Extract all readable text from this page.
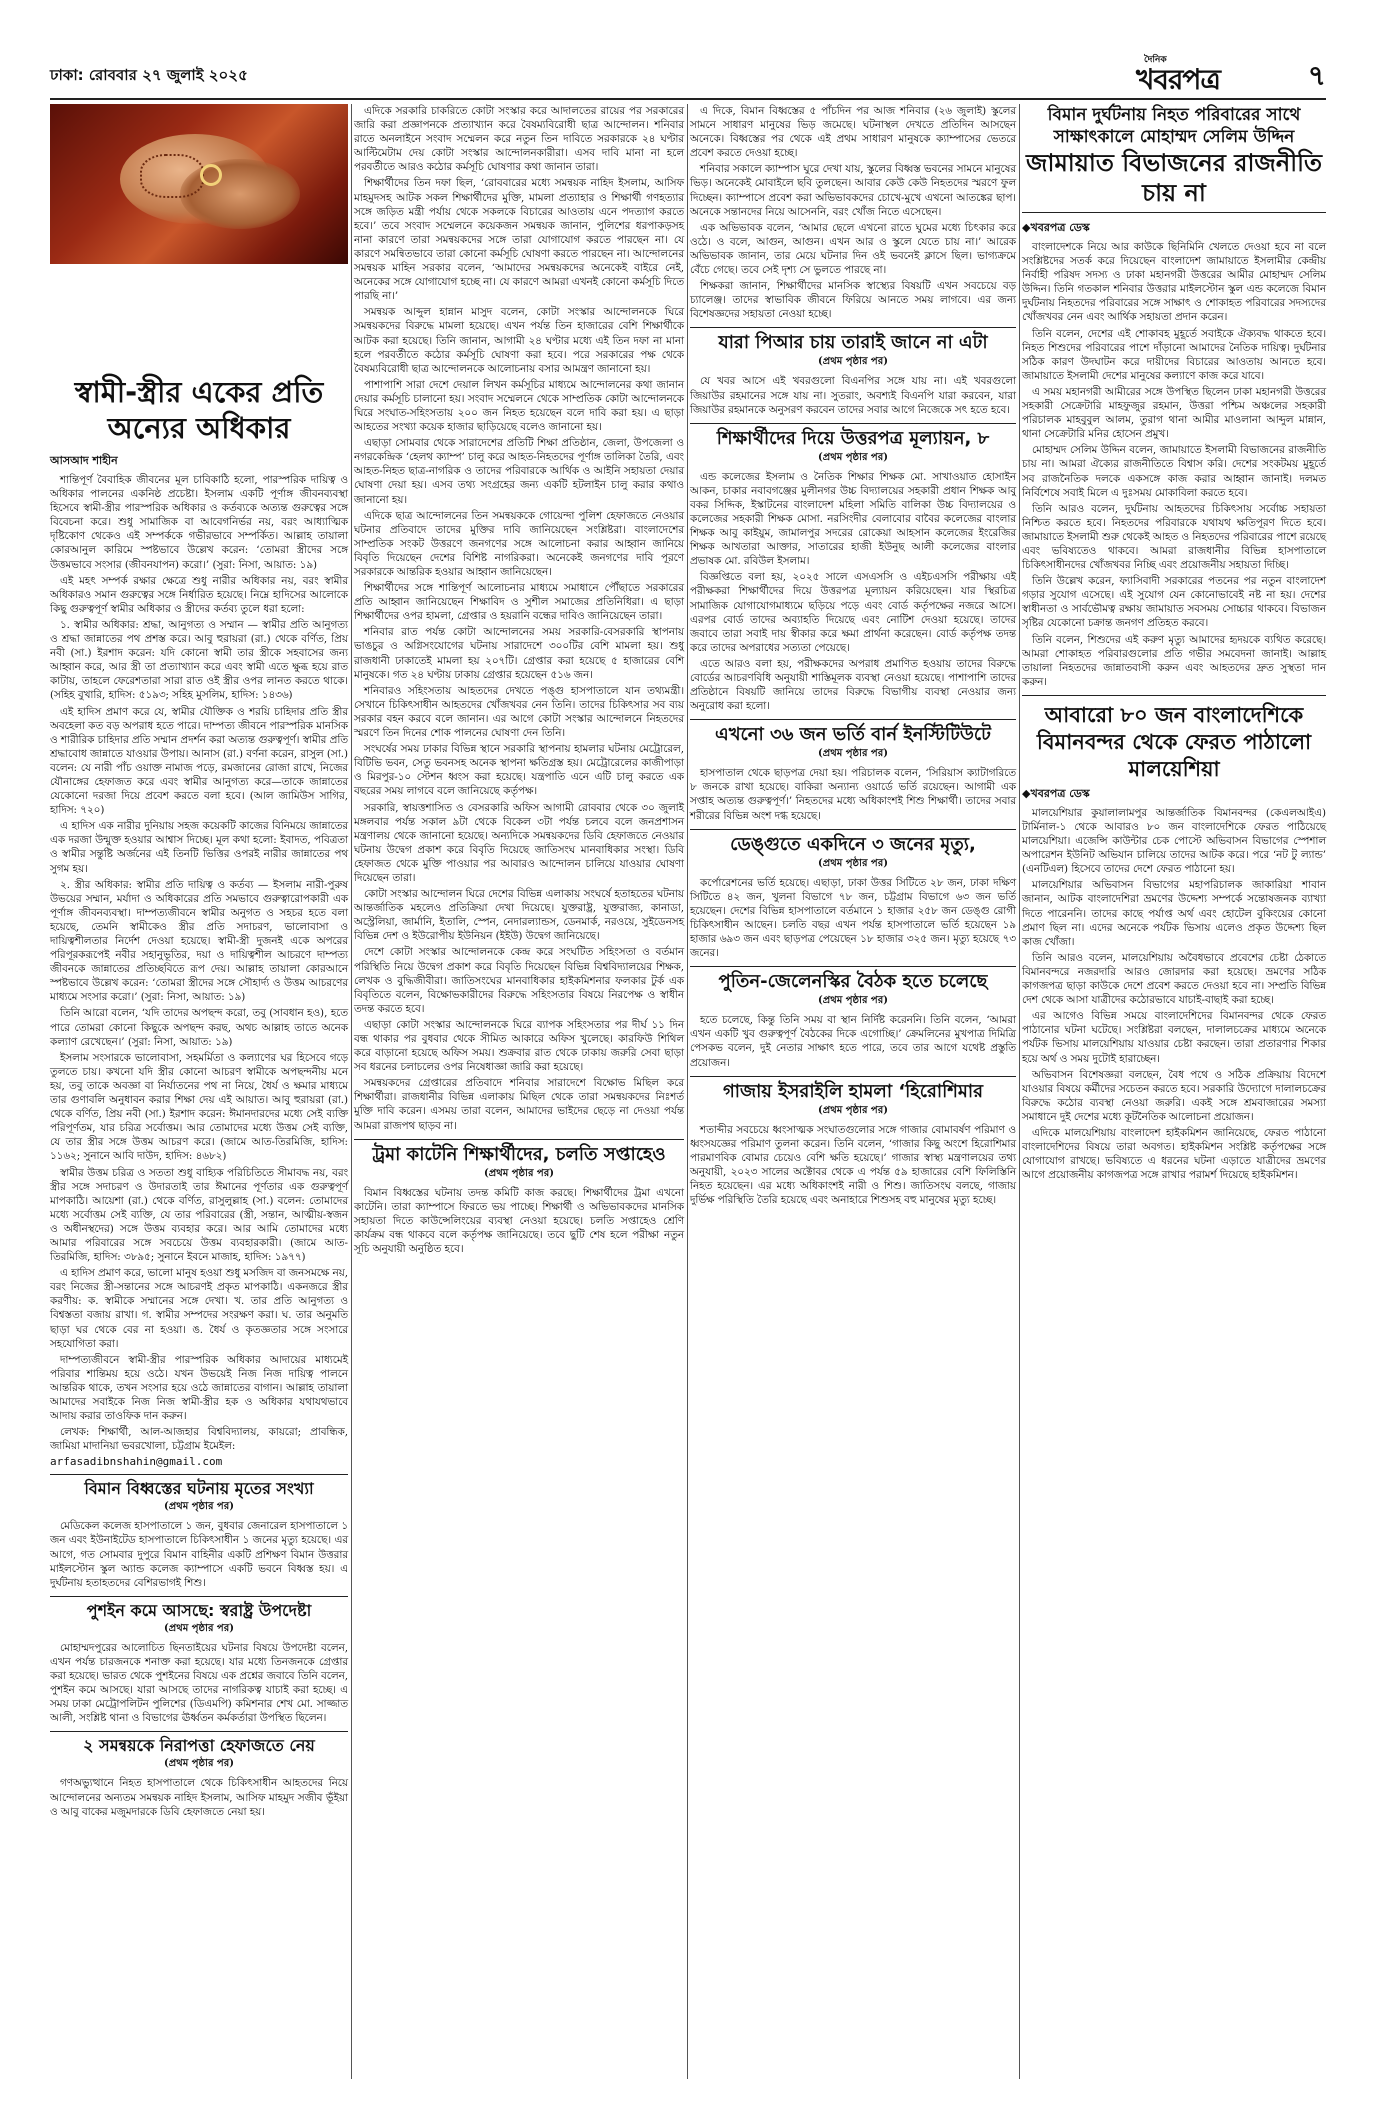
ঢাকা: রোববার ২৭ জুলাই ২০২৫
দৈনিক
খবরপত্র	৭
স্বামী-স্ত্রীর একের প্রতি অন্যের অধিকার
আসআদ শাহীন

শান্তিপূর্ণ বৈবাহিক জীবনের মূল চাবিকাঠি হলো, পারস্পরিক দায়িত্ব ও অধিকার পালনের একনিষ্ঠ প্রচেষ্টা। ইসলাম একটি পূর্ণাঙ্গ জীবনব্যবস্থা হিসেবে স্বামী-স্ত্রীর পারস্পরিক অধিকার ও কর্তব্যকে অত্যন্ত গুরুত্বের সঙ্গে বিবেচনা করে। শুধু সামাজিক বা আবেগনির্ভর নয়, বরং আধ্যাত্মিক দৃষ্টিকোণ থেকেও এই সম্পর্ককে গভীরভাবে সম্পর্কিত। আল্লাহ তায়ালা কোরআনুল কারিমে স্পষ্টভাবে উল্লেখ করেন: ‘তোমরা স্ত্রীদের সঙ্গে উত্তমভাবে সংসার (জীবনযাপন) করো।’ (সুরা: নিসা, আয়াত: ১৯)

এই মহৎ সম্পর্ক রক্ষার ক্ষেত্রে শুধু নারীর অধিকার নয়, বরং স্বামীর অধিকারও সমান গুরুত্বের সঙ্গে নির্ধারিত হয়েছে। নিম্নে হাদিসের আলোকে কিছু গুরুত্বপূর্ণ স্বামীর অধিকার ও স্ত্রীদের কর্তব্য তুলে ধরা হলো:

১. স্বামীর অধিকার: শ্রদ্ধা, আনুগত্য ও সম্মান — স্বামীর প্রতি আনুগত্য ও শ্রদ্ধা জান্নাতের পথ প্রশস্ত করে। আবু হুরায়রা (রা.) থেকে বর্ণিত, প্রিয় নবী (সা.) ইরশাদ করেন: যদি কোনো স্বামী তার স্ত্রীকে সহবাসের জন্য আহ্বান করে, আর স্ত্রী তা প্রত্যাখ্যান করে এবং স্বামী এতে ক্ষুব্ধ হয়ে রাত কাটায়, তাহলে ফেরেশতারা সারা রাত ওই স্ত্রীর ওপর লানত করতে থাকে। (সহিহ বুখারি, হাদিস: ৫১৯৩; সহিহ মুসলিম, হাদিস: ১৪৩৬)

এই হাদিস প্রমাণ করে যে, স্বামীর যৌক্তিক ও শরয়ি চাহিদার প্রতি স্ত্রীর অবহেলা কত বড় অপরাধ হতে পারে। দাম্পত্য জীবনে পারস্পরিক মানসিক ও শারীরিক চাহিদার প্রতি সম্মান প্রদর্শন করা অত্যন্ত গুরুত্বপূর্ণ। স্বামীর প্রতি শ্রদ্ধাবোধ জান্নাতে যাওয়ার উপায়। আনাস (রা.) বর্ণনা করেন, রাসুল (সা.) বলেন: যে নারী পাঁচ ওয়াক্ত নামাজ পড়ে, রমজানের রোজা রাখে, নিজের যৌনাঙ্গের হেফাজত করে এবং স্বামীর আনুগত্য করে—তাকে জান্নাতের যেকোনো দরজা দিয়ে প্রবেশ করতে বলা হবে। (আল জামিউস সাগির, হাদিস: ৭২০)

এ হাদিস এক নারীর দুনিয়ায় সহজ কয়েকটি কাজের বিনিময়ে জান্নাতের এক দরজা উন্মুক্ত হওয়ার আশ্বাস দিচ্ছে। মূল কথা হলো: ইবাদত, পবিত্রতা ও স্বামীর সন্তুষ্টি অর্জনের এই তিনটি ভিত্তির ওপরই নারীর জান্নাতের পথ সুগম হয়।

২. স্ত্রীর অধিকার: স্বামীর প্রতি দায়িত্ব ও কর্তব্য — ইসলাম নারী-পুরুষ উভয়ের সম্মান, মর্যাদা ও অধিকারের প্রতি সমভাবে গুরুত্বারোপকারী এক পূর্ণাঙ্গ জীবনব্যবস্থা। দাম্পত্যজীবনে স্বামীর অনুগত ও সহচর হতে বলা হয়েছে, তেমনি স্বামীকেও স্ত্রীর প্রতি সদাচরণ, ভালোবাসা ও দায়িত্বশীলতার নির্দেশ দেওয়া হয়েছে। স্বামী-স্ত্রী দুজনই একে অপরের পরিপূরকরূপেই নবীর সহানুভূতির, দয়া ও দায়িত্বশীল আচরণে দাম্পত্য জীবনকে জান্নাতের প্রতিচ্ছবিতে রূপ দেয়। আল্লাহ তায়ালা কোরআনে স্পষ্টভাবে উল্লেখ করেন: ‘তোমরা স্ত্রীদের সঙ্গে সৌহার্দ্য ও উত্তম আচরণের মাধ্যমে সংসার করো।’ (সুরা: নিসা, আয়াত: ১৯)

তিনি আরো বলেন, ‘যদি তাদের অপছন্দ করো, তবু (সাবধান হও), হতে পারে তোমরা কোনো কিছুকে অপছন্দ করছ, অথচ আল্লাহ তাতে অনেক কল্যাণ রেখেছেন।’ (সুরা: নিসা, আয়াত: ১৯)

ইসলাম সংসারকে ভালোবাসা, সহমর্মিতা ও কল্যাণের ঘর হিসেবে গড়ে তুলতে চায়। কখনো যদি স্ত্রীর কোনো আচরণ স্বামীকে অপছন্দনীয় মনে হয়, তবু তাকে অবজ্ঞা বা নির্যাতনের পথ না নিয়ে, ধৈর্য ও ক্ষমার মাধ্যমে তার গুণাবলি অনুধাবন করার শিক্ষা দেয় এই আয়াত। আবু হুরায়রা (রা.) থেকে বর্ণিত, প্রিয় নবী (সা.) ইরশাদ করেন: ঈমানদারদের মধ্যে সেই ব্যক্তি পরিপূর্ণতম, যার চরিত্র সর্বোত্তম। আর তোমাদের মধ্যে উত্তম সেই ব্যক্তি, যে তার স্ত্রীর সঙ্গে উত্তম আচরণ করে। (জামে আত-তিরমিজি, হাদিস: ১১৬২; সুনানে আবি দাউদ, হাদিস: ৪৬৮২)

স্বামীর উত্তম চরিত্র ও সততা শুধু বাহ্যিক পরিচিতিতে সীমাবদ্ধ নয়, বরং স্ত্রীর সঙ্গে সদাচরণ ও উদারতাই তার ঈমানের পূর্ণতার এক গুরুত্বপূর্ণ মাপকাঠি। আয়েশা (রা.) থেকে বর্ণিত, রাসুলুল্লাহ (সা.) বলেন: তোমাদের মধ্যে সর্বোত্তম সেই ব্যক্তি, যে তার পরিবারের (স্ত্রী, সন্তান, আত্মীয়-স্বজন ও অধীনস্থদের) সঙ্গে উত্তম ব্যবহার করে। আর আমি তোমাদের মধ্যে আমার পরিবারের সঙ্গে সবচেয়ে উত্তম ব্যবহারকারী। (জামে আত-তিরমিজি, হাদিস: ৩৮৯৫; সুনানে ইবনে মাজাহ, হাদিস: ১৯৭৭)

এ হাদিস প্রমাণ করে, ভালো মানুষ হওয়া শুধু মসজিদ বা জনসমক্ষে নয়, বরং নিজের স্ত্রী-সন্তানের সঙ্গে আচরণই প্রকৃত মাপকাঠি। একনজরে স্ত্রীর করণীয়: ক. স্বামীকে সম্মানের সঙ্গে দেখা। খ. তার প্রতি আনুগত্য ও বিশ্বস্ততা বজায় রাখা। গ. স্বামীর সম্পদের সংরক্ষণ করা। ঘ. তার অনুমতি ছাড়া ঘর থেকে বের না হওয়া। ঙ. ধৈর্য ও কৃতজ্ঞতার সঙ্গে সংসারে সহযোগিতা করা।

দাম্পত্যজীবনে স্বামী-স্ত্রীর পারস্পরিক অধিকার আদায়ের মাধ্যমেই পরিবার শান্তিময় হয়ে ওঠে। যখন উভয়েই নিজ নিজ দায়িত্ব পালনে আন্তরিক থাকে, তখন সংসার হয়ে ওঠে জান্নাতের বাগান। আল্লাহ তায়ালা আমাদের সবাইকে নিজ নিজ স্বামী-স্ত্রীর হক ও অধিকার যথাযথভাবে আদায় করার তাওফিক দান করুন।

লেখক: শিক্ষার্থী, আল-আজহার বিশ্ববিদ্যালয়, কায়রো; প্রাবন্ধিক, জামিয়া মাদানিয়া ভবরখোলা, চট্টগ্রাম ইমেইল:

arfasadibnshahin@gmail.com
বিমান বিধ্বস্তের ঘটনায় মৃতের সংখ্যা
(প্রথম পৃষ্ঠার পর)

মেডিকেল কলেজ হাসপাতালে ১ জন, বুধবার জেনারেল হাসপাতালে ১ জন এবং ইউনাইটেড হাসপাতালে চিকিৎসাধীন ১ জনের মৃত্যু হয়েছে। এর আগে, গত সোমবার দুপুরে বিমান বাহিনীর একটি প্রশিক্ষণ বিমান উত্তরার মাইলস্টোন স্কুল অ্যান্ড কলেজ ক্যাম্পাসে একটি ভবনে বিধ্বস্ত হয়। এ দুর্ঘটনায় হতাহতদের বেশিরভাগই শিশু।

পুশইন কমে আসছে: স্বরাষ্ট্র উপদেষ্টা
(প্রথম পৃষ্ঠার পর)

মোহাম্মদপুরের আলোচিত ছিনতাইয়ের ঘটনার বিষয়ে উপদেষ্টা বলেন, এখন পর্যন্ত চারজনকে শনাক্ত করা হয়েছে। যার মধ্যে তিনজনকে গ্রেপ্তার করা হয়েছে। ভারত থেকে পুশইনের বিষয়ে এক প্রশ্নের জবাবে তিনি বলেন, পুশইন কমে আসছে। যারা আসছে তাদের নাগরিকত্ব যাচাই করা হচ্ছে। এ সময় ঢাকা মেট্রোপলিটন পুলিশের (ডিএমপি) কমিশনার শেখ মো. সাজ্জাত আলী, সংশ্লিষ্ট থানা ও বিভাগের ঊর্ধ্বতন কর্মকর্তারা উপস্থিত ছিলেন।

২ সমন্বয়কে নিরাপত্তা হেফাজতে নেয়
(প্রথম পৃষ্ঠার পর)

গণঅভ্যুত্থানে নিহত হাসপাতালে থেকে চিকিৎসাধীন আহতদের নিয়ে আন্দোলনের অন্যতম সমন্বয়ক নাহিদ ইসলাম, আসিফ মাহমুদ সজীব ভূঁইয়া ও আবু বাকের মজুমদারকে ডিবি হেফাজতে নেয়া হয়।

এদিকে সরকারি চাকরিতে কোটা সংস্কার করে আদালতের রায়ের পর সরকারের জারি করা প্রজ্ঞাপনকে প্রত্যাখ্যান করে বৈষম্যবিরোধী ছাত্র আন্দোলন। শনিবার রাতে অনলাইনে সংবাদ সম্মেলন করে নতুন তিন দাবিতে সরকারকে ২৪ ঘণ্টার আল্টিমেটাম দেয় কোটা সংস্কার আন্দোলনকারীরা। এসব দাবি মানা না হলে পরবর্তীতে আরও কঠোর কর্মসূচি ঘোষণার কথা জানান তারা।

শিক্ষার্থীদের তিন দফা ছিল, ‘রোববারের মধ্যে সমন্বয়ক নাহিদ ইসলাম, আসিফ মাহমুদসহ আটক সকল শিক্ষার্থীদের মুক্তি, মামলা প্রত্যাহার ও শিক্ষার্থী গণহত্যার সঙ্গে জড়িত মন্ত্রী পর্যায় থেকে সকলকে বিচারের আওতায় এনে পদত্যাগ করতে হবে।’ তবে সংবাদ সম্মেলনে কয়েকজন সমন্বয়ক জানান, পুলিশের ধরপাকড়সহ নানা কারণে তারা সমন্বয়কদের সঙ্গে তারা যোগাযোগ করতে পারছেন না। যে কারণে সমন্বিতভাবে তারা কোনো কর্মসূচি ঘোষণা করতে পারছেন না। আন্দোলনের সমন্বয়ক মাহিন সরকার বলেন, ‘আমাদের সমন্বয়কদের অনেকেই বাইরে নেই, অনেকের সঙ্গে যোগাযোগ হচ্ছে না। যে কারণে আমরা এখনই কোনো কর্মসূচি দিতে পারছি না।’

সমন্বয়ক আব্দুল হান্নান মাসুদ বলেন, কোটা সংস্কার আন্দোলনকে ঘিরে সমন্বয়কদের বিরুদ্ধে মামলা হয়েছে। এখন পর্যন্ত তিন হাজারের বেশি শিক্ষার্থীকে আটক করা হয়েছে। তিনি জানান, আগামী ২৪ ঘণ্টার মধ্যে এই তিন দফা না মানা হলে পরবর্তীতে কঠোর কর্মসূচি ঘোষণা করা হবে। পরে সরকারের পক্ষ থেকে বৈষম্যবিরোধী ছাত্র আন্দোলনকে আলোচনায় বসার আমন্ত্রণ জানানো হয়।

পাশাপাশি সারা দেশে দেয়াল লিখন কর্মসূচির মাধ্যমে আন্দোলনের কথা জানান দেয়ার কর্মসূচি চালানো হয়। সংবাদ সম্মেলনে থেকে সাম্প্রতিক কোটা আন্দোলনকে ঘিরে সংঘাত-সহিংসতায় ২০০ জন নিহত হয়েছেন বলে দাবি করা হয়। এ ছাড়া আহতের সংখ্যা কয়েক হাজার ছাড়িয়েছে বলেও জানানো হয়।

এছাড়া সোমবার থেকে সারাদেশের প্রতিটি শিক্ষা প্রতিষ্ঠান, জেলা, উপজেলা ও নগরকেন্দ্রিক ‘হেলথ ক্যাম্প’ চালু করে আহত-নিহতদের পূর্ণাঙ্গ তালিকা তৈরি, এবং আহত-নিহত ছাত্র-নাগরিক ও তাদের পরিবারকে আর্থিক ও আইনি সহায়তা দেয়ার ঘোষণা দেয়া হয়। এসব তথ্য সংগ্রহের জন্য একটি হটলাইন চালু করার কথাও জানানো হয়।

এদিকে ছাত্র আন্দোলনের তিন সমন্বয়ককে গোয়েন্দা পুলিশ হেফাজতে নেওয়ার ঘটনার প্রতিবাদে তাদের মুক্তির দাবি জানিয়েছেন সংশ্লিষ্টরা। বাংলাদেশের সাম্প্রতিক সংকট উত্তরণে জনগণের সঙ্গে আলোচনা করার আহ্বান জানিয়ে বিবৃতি দিয়েছেন দেশের বিশিষ্ট নাগরিকরা। অনেকেই জনগণের দাবি পূরণে সরকারকে আন্তরিক হওয়ার আহ্বান জানিয়েছেন।

শিক্ষার্থীদের সঙ্গে শান্তিপূর্ণ আলোচনার মাধ্যমে সমাধানে পৌঁছাতে সরকারের প্রতি আহ্বান জানিয়েছেন শিক্ষাবিদ ও সুশীল সমাজের প্রতিনিধিরা। এ ছাড়া শিক্ষার্থীদের ওপর হামলা, গ্রেপ্তার ও হয়রানি বন্ধের দাবিও জানিয়েছেন তারা।

শনিবার রাত পর্যন্ত কোটা আন্দোলনের সময় সরকারি-বেসরকারি স্থাপনায় ভাঙচুর ও অগ্নিসংযোগের ঘটনায় সারাদেশে ৩০০টির বেশি মামলা হয়। শুধু রাজধানী ঢাকাতেই মামলা হয় ২০৭টি। গ্রেপ্তার করা হয়েছে ৫ হাজারের বেশি মানুষকে। গত ২৪ ঘণ্টায় ঢাকায় গ্রেপ্তার হয়েছেন ৫১৬ জন।

শনিবারও সহিংসতায় আহতদের দেখতে পঙ্গু হাসপাতালে যান তথ্যমন্ত্রী। সেখানে চিকিৎসাধীন আহতদের খোঁজখবর নেন তিনি। তাদের চিকিৎসার সব ব্যয় সরকার বহন করবে বলে জানান। এর আগে কোটা সংস্কার আন্দোলনে নিহতদের স্মরণে তিন দিনের শোক পালনের ঘোষণা দেন তিনি।

সংঘর্ষের সময় ঢাকার বিভিন্ন স্থানে সরকারি স্থাপনায় হামলার ঘটনায় মেট্রোরেল, বিটিভি ভবন, সেতু ভবনসহ অনেক স্থাপনা ক্ষতিগ্রস্ত হয়। মেট্রোরেলের কাজীপাড়া ও মিরপুর-১০ স্টেশন ধ্বংস করা হয়েছে। যন্ত্রপাতি এনে এটি চালু করতে এক বছরের সময় লাগবে বলে জানিয়েছে কর্তৃপক্ষ।

সরকারি, স্বায়ত্তশাসিত ও বেসরকারি অফিস আগামী রোববার থেকে ৩০ জুলাই মঙ্গলবার পর্যন্ত সকাল ৯টা থেকে বিকেল ৩টা পর্যন্ত চলবে বলে জনপ্রশাসন মন্ত্রণালয় থেকে জানানো হয়েছে। অন্যদিকে সমন্বয়কদের ডিবি হেফাজতে নেওয়ার ঘটনায় উদ্বেগ প্রকাশ করে বিবৃতি দিয়েছে জাতিসংঘ মানবাধিকার সংস্থা। ডিবি হেফাজত থেকে মুক্তি পাওয়ার পর আবারও আন্দোলন চালিয়ে যাওয়ার ঘোষণা দিয়েছেন তারা।

কোটা সংস্কার আন্দোলন ঘিরে দেশের বিভিন্ন এলাকায় সংঘর্ষে হতাহতের ঘটনায় আন্তর্জাতিক মহলেও প্রতিক্রিয়া দেখা দিয়েছে। যুক্তরাষ্ট্র, যুক্তরাজ্য, কানাডা, অস্ট্রেলিয়া, জার্মানি, ইতালি, স্পেন, নেদারল্যান্ডস, ডেনমার্ক, নরওয়ে, সুইডেনসহ বিভিন্ন দেশ ও ইউরোপীয় ইউনিয়ন (ইইউ) উদ্বেগ জানিয়েছে।

দেশে কোটা সংস্কার আন্দোলনকে কেন্দ্র করে সংঘটিত সহিংসতা ও বর্তমান পরিস্থিতি নিয়ে উদ্বেগ প্রকাশ করে বিবৃতি দিয়েছেন বিভিন্ন বিশ্ববিদ্যালয়ের শিক্ষক, লেখক ও বুদ্ধিজীবীরা। জাতিসংঘের মানবাধিকার হাইকমিশনার ফলকার টুর্ক এক বিবৃতিতে বলেন, বিক্ষোভকারীদের বিরুদ্ধে সহিংসতার বিষয়ে নিরপেক্ষ ও স্বাধীন তদন্ত করতে হবে।

এছাড়া কোটা সংস্কার আন্দোলনকে ঘিরে ব্যাপক সহিংসতার পর দীর্ঘ ১১ দিন বন্ধ থাকার পর বুধবার থেকে সীমিত আকারে অফিস খুলেছে। কারফিউ শিথিল করে বাড়ানো হয়েছে অফিস সময়। শুক্রবার রাত থেকে ঢাকায় জরুরি সেবা ছাড়া সব ধরনের চলাচলের ওপর নিষেধাজ্ঞা জারি করা হয়েছে।

সমন্বয়কদের গ্রেপ্তারের প্রতিবাদে শনিবার সারাদেশে বিক্ষোভ মিছিল করে শিক্ষার্থীরা। রাজধানীর বিভিন্ন এলাকায় মিছিল থেকে তারা সমন্বয়কদের নিঃশর্ত মুক্তি দাবি করেন। এসময় তারা বলেন, আমাদের ভাইদের ছেড়ে না দেওয়া পর্যন্ত আমরা রাজপথ ছাড়ব না।

ট্রমা কাটেনি শিক্ষার্থীদের, চলতি সপ্তাহেও
(প্রথম পৃষ্ঠার পর)

বিমান বিধ্বস্তের ঘটনায় তদন্ত কমিটি কাজ করছে। শিক্ষার্থীদের ট্রমা এখনো কাটেনি। তারা ক্যাম্পাসে ফিরতে ভয় পাচ্ছে। শিক্ষার্থী ও অভিভাবকদের মানসিক সহায়তা দিতে কাউন্সেলিংয়ের ব্যবস্থা নেওয়া হয়েছে। চলতি সপ্তাহেও শ্রেণি কার্যক্রম বন্ধ থাকবে বলে কর্তৃপক্ষ জানিয়েছে। তবে ছুটি শেষ হলে পরীক্ষা নতুন সূচি অনুযায়ী অনুষ্ঠিত হবে।

এ দিকে, বিমান বিধ্বস্তের ৫ পাঁচদিন পর আজ শনিবার (২৬ জুলাই) স্কুলের সামনে সাধারণ মানুষের ভিড় জমেছে। ঘটনাস্থল দেখতে প্রতিদিন আসছেন অনেকে। বিধ্বস্তের পর থেকে এই প্রথম সাধারণ মানুষকে ক্যাম্পাসের ভেতরে প্রবেশ করতে দেওয়া হচ্ছে।

শনিবার সকালে ক্যাম্পাস ঘুরে দেখা যায়, স্কুলের বিধ্বস্ত ভবনের সামনে মানুষের ভিড়। অনেকেই মোবাইলে ছবি তুলছেন। আবার কেউ কেউ নিহতদের স্মরণে ফুল দিচ্ছেন। ক্যাম্পাসে প্রবেশ করা অভিভাবকদের চোখে-মুখে এখনো আতঙ্কের ছাপ। অনেকে সন্তানদের নিয়ে আসেননি, বরং খোঁজ নিতে এসেছেন।

এক অভিভাবক বলেন, ‘আমার ছেলে এখনো রাতে ঘুমের মধ্যে চিৎকার করে ওঠে। ও বলে, আগুন, আগুন। এখন আর ও স্কুলে যেতে চায় না।’ আরেক অভিভাবক জানান, তার মেয়ে ঘটনার দিন ওই ভবনেই ক্লাসে ছিল। ভাগ্যক্রমে বেঁচে গেছে। তবে সেই দৃশ্য সে ভুলতে পারছে না।

শিক্ষকরা জানান, শিক্ষার্থীদের মানসিক স্বাস্থ্যের বিষয়টি এখন সবচেয়ে বড় চ্যালেঞ্জ। তাদের স্বাভাবিক জীবনে ফিরিয়ে আনতে সময় লাগবে। এর জন্য বিশেষজ্ঞদের সহায়তা নেওয়া হচ্ছে।

যারা পিআর চায় তারাই জানে না এটা
(প্রথম পৃষ্ঠার পর)

যে খবর আসে এই খবরগুলো বিএনপির সঙ্গে যায় না। এই খবরগুলো জিয়াউর রহমানের সঙ্গে যায় না। সুতরাং, অবশ্যই বিএনপি যারা করবেন, যারা জিয়াউর রহমানকে অনুসরণ করবেন তাদের সবার আগে নিজেকে সৎ হতে হবে।

শিক্ষার্থীদের দিয়ে উত্তরপত্র মূল্যায়ন, ৮
(প্রথম পৃষ্ঠার পর)

এন্ড কলেজের ইসলাম ও নৈতিক শিক্ষার শিক্ষক মো. সাখাওয়াত হোসাইন আকন, চাকার নবাবগঞ্জের মুলীনগর উচ্চ বিদ্যালয়ের সহকারী প্রধান শিক্ষক আবু বকর সিদ্দিক, ইস্কাটনের বাংলাদেশ মহিলা সমিতি বালিকা উচ্চ বিদ্যালয়ের ও কলেজের সহকারী শিক্ষক মোসা. নরসিংদীর বেলাবোর বাবৈর কলেজের বাংলার শিক্ষক আবু কাইয়ুম, জামালপুর সদরের রোকেয়া আহসান কলেজের ইংরেজির শিক্ষক আখতারা আক্তার, সাতারের হাজী ইউনুছ আলী কলেজের বাংলার প্রভাষক মো. রবিউল ইসলাম।

বিজ্ঞপ্তিতে বলা হয়, ২০২৫ সালে এসএসসি ও এইচএসসি পরীক্ষায় এই পরীক্ষকরা শিক্ষার্থীদের দিয়ে উত্তরপত্র মূল্যায়ন করিয়েছেন। যার স্থিরচিত্র সামাজিক যোগাযোগমাধ্যমে ছড়িয়ে পড়ে এবং বোর্ড কর্তৃপক্ষের নজরে আসে। এরপর বোর্ড তাদের অব্যাহতি দিয়েছে এবং নোটিশ দেওয়া হয়েছে। তাদের জবাবে তারা সবাই দায় স্বীকার করে ক্ষমা প্রার্থনা করেছেন। বোর্ড কর্তৃপক্ষ তদন্ত করে তাদের অপরাধের সত্যতা পেয়েছে।

এতে আরও বলা হয়, পরীক্ষকদের অপরাধ প্রমাণিত হওয়ায় তাদের বিরুদ্ধে বোর্ডের আচরণবিধি অনুযায়ী শাস্তিমূলক ব্যবস্থা নেওয়া হয়েছে। পাশাপাশি তাদের প্রতিষ্ঠানে বিষয়টি জানিয়ে তাদের বিরুদ্ধে বিভাগীয় ব্যবস্থা নেওয়ার জন্য অনুরোধ করা হলো।

এখনো ৩৬ জন ভর্তি বার্ন ইনস্টিটিউটে
(প্রথম পৃষ্ঠার পর)

হাসপাতাল থেকে ছাড়পত্র দেয়া হয়। পরিচালক বলেন, ‘সিরিয়াস ক্যাটাগরিতে ৮ জনকে রাখা হয়েছে। বাকিরা অন্যান্য ওয়ার্ডে ভর্তি রয়েছেন। আগামী এক সপ্তাহ অত্যন্ত গুরুত্বপূর্ণ।’ নিহতদের মধ্যে অধিকাংশই শিশু শিক্ষার্থী। তাদের সবার শরীরের বিভিন্ন অংশ দগ্ধ হয়েছে।

ডেঙ্গুতে একদিনে ৩ জনের মৃত্যু,
(প্রথম পৃষ্ঠার পর)

কর্পোরেশনের ভর্তি হয়েছে। এছাড়া, ঢাকা উত্তর সিটিতে ২৮ জন, ঢাকা দক্ষিণ সিটিতে ৪২ জন, খুলনা বিভাগে ৭৮ জন, চট্টগ্রাম বিভাগে ৬৩ জন ভর্তি হয়েছেন। দেশের বিভিন্ন হাসপাতালে বর্তমানে ১ হাজার ২৫৮ জন ডেঙ্গু রোগী চিকিৎসাধীন আছেন। চলতি বছর এখন পর্যন্ত হাসপাতালে ভর্তি হয়েছেন ১৯ হাজার ৬৯৩ জন এবং ছাড়পত্র পেয়েছেন ১৮ হাজার ৩২৫ জন। মৃত্যু হয়েছে ৭৩ জনের।

পুতিন-জেলেনস্কির বৈঠক হতে চলেছে
(প্রথম পৃষ্ঠার পর)

হতে চলেছে, কিন্তু তিনি সময় বা স্থান নির্দিষ্ট করেননি। তিনি বলেন, ‘আমরা এখন একটি খুব গুরুত্বপূর্ণ বৈঠকের দিকে এগোচ্ছি।’ ক্রেমলিনের মুখপাত্র দিমিত্রি পেসকভ বলেন, দুই নেতার সাক্ষাৎ হতে পারে, তবে তার আগে যথেষ্ট প্রস্তুতি প্রয়োজন।

গাজায় ইসরাইলি হামলা ‘হিরোশিমার
(প্রথম পৃষ্ঠার পর)

শতাব্দীর সবচেয়ে ধ্বংসাত্মক সংঘাতগুলোর সঙ্গে গাজার বোমাবর্ষণ পরিমাণ ও ধ্বংসযজ্ঞের পরিমাণ তুলনা করেন। তিনি বলেন, ‘গাজার কিছু অংশে হিরোশিমার পারমাণবিক বোমার চেয়েও বেশি ক্ষতি হয়েছে।’ গাজার স্বাস্থ্য মন্ত্রণালয়ের তথ্য অনুযায়ী, ২০২৩ সালের অক্টোবর থেকে এ পর্যন্ত ৫৯ হাজারের বেশি ফিলিস্তিনি নিহত হয়েছেন। এর মধ্যে অধিকাংশই নারী ও শিশু। জাতিসংঘ বলছে, গাজায় দুর্ভিক্ষ পরিস্থিতি তৈরি হয়েছে এবং অনাহারে শিশুসহ বহু মানুষের মৃত্যু হচ্ছে।

বিমান দুর্ঘটনায় নিহত পরিবারের সাথে সাক্ষাৎকালে মোহাম্মদ সেলিম উদ্দিন
জামায়াত বিভাজনের রাজনীতি চায় না
◆ খবরপত্র ডেস্ক

বাংলাদেশকে নিয়ে আর কাউকে ছিনিমিনি খেলতে দেওয়া হবে না বলে সংশ্লিষ্টদের সতর্ক করে দিয়েছেন বাংলাদেশ জামায়াতে ইসলামীর কেন্দ্রীয় নির্বাহী পরিষদ সদস্য ও ঢাকা মহানগরী উত্তরের আমীর মোহাম্মদ সেলিম উদ্দিন। তিনি গতকাল শনিবার উত্তরার মাইলস্টোন স্কুল এন্ড কলেজে বিমান দুর্ঘটনায় নিহতদের পরিবারের সঙ্গে সাক্ষাৎ ও শোকাহত পরিবারের সদস্যদের খোঁজখবর নেন এবং আর্থিক সহায়তা প্রদান করেন।

তিনি বলেন, দেশের এই শোকাবহ মুহূর্তে সবাইকে ঐক্যবদ্ধ থাকতে হবে। নিহত শিশুদের পরিবারের পাশে দাঁড়ানো আমাদের নৈতিক দায়িত্ব। দুর্ঘটনার সঠিক কারণ উদঘাটন করে দায়ীদের বিচারের আওতায় আনতে হবে। জামায়াতে ইসলামী দেশের মানুষের কল্যাণে কাজ করে যাবে।

এ সময় মহানগরী আমীরের সঙ্গে উপস্থিত ছিলেন ঢাকা মহানগরী উত্তরের সহকারী সেক্রেটারি মাহফুজুর রহমান, উত্তরা পশ্চিম অঞ্চলের সহকারী পরিচালক মাহবুবুল আলম, তুরাগ থানা আমীর মাওলানা আব্দুল মান্নান, থানা সেক্রেটারি মনির হোসেন প্রমুখ।

মোহাম্মদ সেলিম উদ্দিন বলেন, জামায়াতে ইসলামী বিভাজনের রাজনীতি চায় না। আমরা ঐক্যের রাজনীতিতে বিশ্বাস করি। দেশের সংকটময় মুহূর্তে সব রাজনৈতিক দলকে একসঙ্গে কাজ করার আহ্বান জানাই। দলমত নির্বিশেষে সবাই মিলে এ দুঃসময় মোকাবিলা করতে হবে।

তিনি আরও বলেন, দুর্ঘটনায় আহতদের চিকিৎসায় সর্বোচ্চ সহায়তা নিশ্চিত করতে হবে। নিহতদের পরিবারকে যথাযথ ক্ষতিপূরণ দিতে হবে। জামায়াতে ইসলামী শুরু থেকেই আহত ও নিহতদের পরিবারের পাশে রয়েছে এবং ভবিষ্যতেও থাকবে। আমরা রাজধানীর বিভিন্ন হাসপাতালে চিকিৎসাধীনদের খোঁজখবর নিচ্ছি এবং প্রয়োজনীয় সহায়তা দিচ্ছি।

তিনি উল্লেখ করেন, ফ্যাসিবাদী সরকারের পতনের পর নতুন বাংলাদেশ গড়ার সুযোগ এসেছে। এই সুযোগ যেন কোনোভাবেই নষ্ট না হয়। দেশের স্বাধীনতা ও সার্বভৌমত্ব রক্ষায় জামায়াত সবসময় সোচ্চার থাকবে। বিভাজন সৃষ্টির যেকোনো চক্রান্ত জনগণ প্রতিহত করবে।

তিনি বলেন, শিশুদের এই করুণ মৃত্যু আমাদের হৃদয়কে ব্যথিত করেছে। আমরা শোকাহত পরিবারগুলোর প্রতি গভীর সমবেদনা জানাই। আল্লাহ তায়ালা নিহতদের জান্নাতবাসী করুন এবং আহতদের দ্রুত সুস্থতা দান করুন।

আবারো ৮০ জন বাংলাদেশিকে বিমানবন্দর থেকে ফেরত পাঠালো মালয়েশিয়া
◆ খবরপত্র ডেস্ক

মালয়েশিয়ার কুয়ালালামপুর আন্তর্জাতিক বিমানবন্দর (কেএলআইএ) টার্মিনাল-১ থেকে আবারও ৮০ জন বাংলাদেশিকে ফেরত পাঠিয়েছে মালয়েশিয়া। এজেন্সি কাউন্টার চেক পোস্টে অভিবাসন বিভাগের স্পেশাল অপারেশন ইউনিট অভিযান চালিয়ে তাদের আটক করে। পরে ‘নট টু ল্যান্ড’ (এনটিএল) হিসেবে তাদের দেশে ফেরত পাঠানো হয়।

মালয়েশিয়ার অভিবাসন বিভাগের মহাপরিচালক জাকারিয়া শাবান জানান, আটক বাংলাদেশিরা ভ্রমণের উদ্দেশ্য সম্পর্কে সন্তোষজনক ব্যাখ্যা দিতে পারেননি। তাদের কাছে পর্যাপ্ত অর্থ এবং হোটেল বুকিংয়ের কোনো প্রমাণ ছিল না। এদের অনেকে পর্যটক ভিসায় এলেও প্রকৃত উদ্দেশ্য ছিল কাজ খোঁজা।

তিনি আরও বলেন, মালয়েশিয়ায় অবৈধভাবে প্রবেশের চেষ্টা ঠেকাতে বিমানবন্দরে নজরদারি আরও জোরদার করা হয়েছে। ভ্রমণের সঠিক কাগজপত্র ছাড়া কাউকে দেশে প্রবেশ করতে দেওয়া হবে না। সম্প্রতি বিভিন্ন দেশ থেকে আসা যাত্রীদের কঠোরভাবে যাচাই-বাছাই করা হচ্ছে।

এর আগেও বিভিন্ন সময়ে বাংলাদেশিদের বিমানবন্দর থেকে ফেরত পাঠানোর ঘটনা ঘটেছে। সংশ্লিষ্টরা বলছেন, দালালচক্রের মাধ্যমে অনেকে পর্যটক ভিসায় মালয়েশিয়ায় যাওয়ার চেষ্টা করছেন। তারা প্রতারণার শিকার হয়ে অর্থ ও সময় দুটোই হারাচ্ছেন।

অভিবাসন বিশেষজ্ঞরা বলছেন, বৈধ পথে ও সঠিক প্রক্রিয়ায় বিদেশে যাওয়ার বিষয়ে কর্মীদের সচেতন করতে হবে। সরকারি উদ্যোগে দালালচক্রের বিরুদ্ধে কঠোর ব্যবস্থা নেওয়া জরুরি। একই সঙ্গে শ্রমবাজারের সমস্যা সমাধানে দুই দেশের মধ্যে কূটনৈতিক আলোচনা প্রয়োজন।

এদিকে মালয়েশিয়ায় বাংলাদেশ হাইকমিশন জানিয়েছে, ফেরত পাঠানো বাংলাদেশিদের বিষয়ে তারা অবগত। হাইকমিশন সংশ্লিষ্ট কর্তৃপক্ষের সঙ্গে যোগাযোগ রাখছে। ভবিষ্যতে এ ধরনের ঘটনা এড়াতে যাত্রীদের ভ্রমণের আগে প্রয়োজনীয় কাগজপত্র সঙ্গে রাখার পরামর্শ দিয়েছে হাইকমিশন।
